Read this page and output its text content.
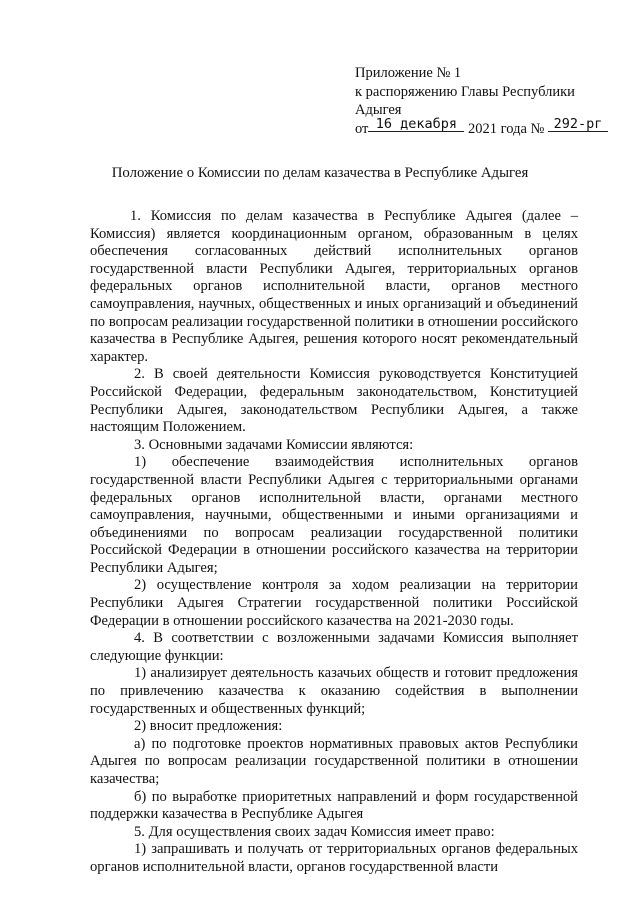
Приложение № 1
к распоряжению Главы Республики
Адыгея
от 16 декабря 2021 года № 292-рг
Положение о Комиссии по делам казачества в Республике Адыгея

1. Комиссия по делам казачества в Республике Адыгея (далее – Комиссия) является координационным органом, образованным в целях обеспечения согласованных действий исполнительных органов государственной власти Республики Адыгея, территориальных органов федеральных органов исполнительной власти, органов местного самоуправления, научных, общественных и иных организаций и объединений по вопросам реализации государственной политики в отношении российского казачества в Республике Адыгея, решения которого носят рекомендательный характер.

2. В своей деятельности Комиссия руководствуется Конституцией Российской Федерации, федеральным законодательством, Конституцией Республики Адыгея, законодательством Республики Адыгея, а также настоящим Положением.

3. Основными задачами Комиссии являются:

1) обеспечение взаимодействия исполнительных органов государственной власти Республики Адыгея с территориальными органами федеральных органов исполнительной власти, органами местного самоуправления, научными, общественными и иными организациями и объединениями по вопросам реализации государственной политики Российской Федерации в отношении российского казачества на территории Республики Адыгея;

2) осуществление контроля за ходом реализации на территории Республики Адыгея Стратегии государственной политики Российской Федерации в отношении российского казачества на 2021-2030 годы.

4. В соответствии с возложенными задачами Комиссия выполняет следующие функции:

1) анализирует деятельность казачьих обществ и готовит предложения по привлечению казачества к оказанию содействия в выполнении государственных и общественных функций;

2) вносит предложения:

а) по подготовке проектов нормативных правовых актов Республики Адыгея по вопросам реализации государственной политики в отношении казачества;

б) по выработке приоритетных направлений и форм государственной поддержки казачества в Республике Адыгея

5. Для осуществления своих задач Комиссия имеет право:

1) запрашивать и получать от территориальных органов федеральных органов исполнительной власти, органов государственной власти
